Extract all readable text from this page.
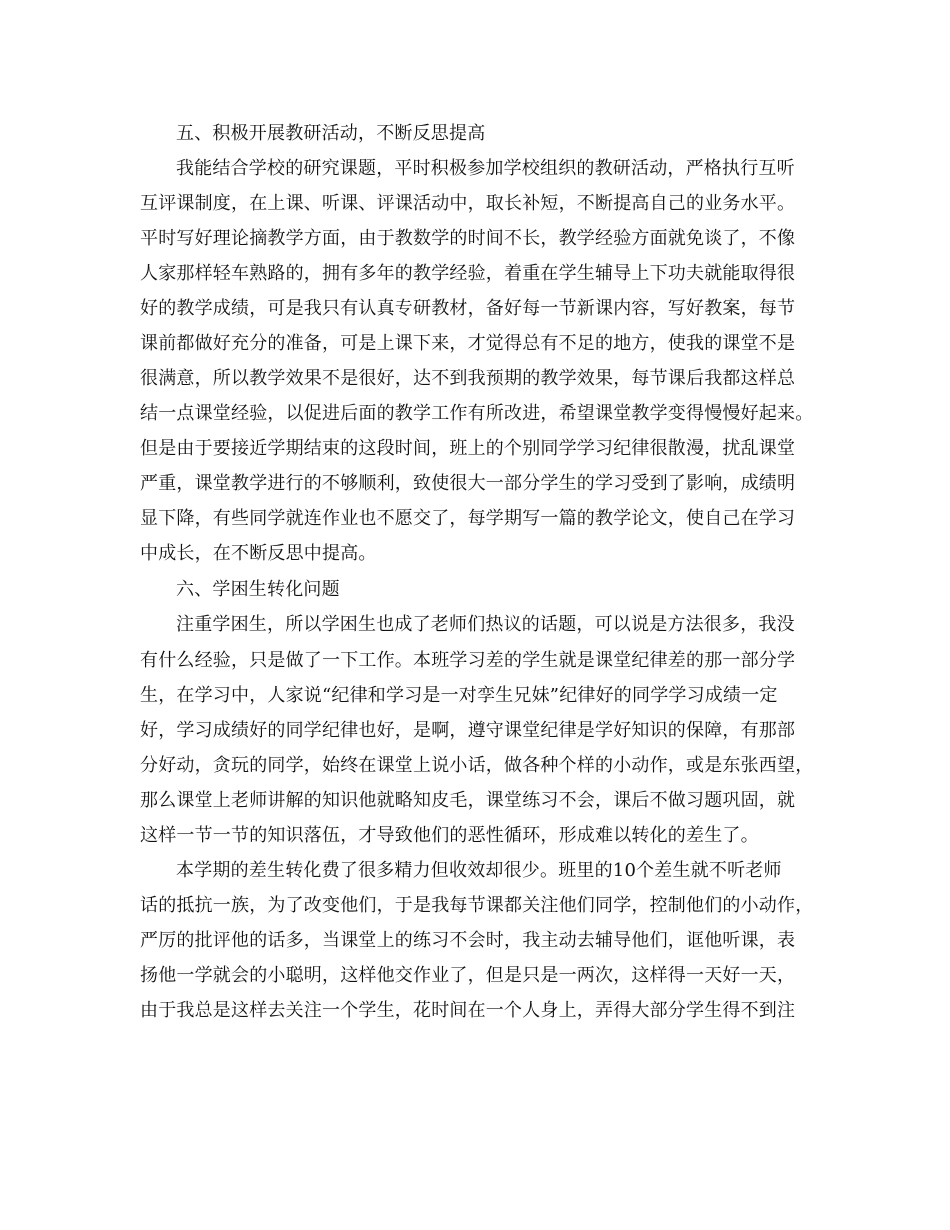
五、积极开展教研活动，不断反思提高
我能结合学校的研究课题，平时积极参加学校组织的教研活动，严格执行互听
互评课制度，在上课、听课、评课活动中，取长补短，不断提高自己的业务水平。
平时写好理论摘教学方面，由于教数学的时间不长，教学经验方面就免谈了，不像
人家那样轻车熟路的，拥有多年的教学经验，着重在学生辅导上下功夫就能取得很
好的教学成绩，可是我只有认真专研教材，备好每一节新课内容，写好教案，每节
课前都做好充分的准备，可是上课下来，才觉得总有不足的地方，使我的课堂不是
很满意，所以教学效果不是很好，达不到我预期的教学效果，每节课后我都这样总
结一点课堂经验，以促进后面的教学工作有所改进，希望课堂教学变得慢慢好起来。
但是由于要接近学期结束的这段时间，班上的个别同学学习纪律很散漫，扰乱课堂
严重，课堂教学进行的不够顺利，致使很大一部分学生的学习受到了影响，成绩明
显下降，有些同学就连作业也不愿交了，每学期写一篇的教学论文，使自己在学习
中成长，在不断反思中提高。
六、学困生转化问题
注重学困生，所以学困生也成了老师们热议的话题，可以说是方法很多，我没
有什么经验，只是做了一下工作。本班学习差的学生就是课堂纪律差的那一部分学
生，在学习中，人家说“纪律和学习是一对孪生兄妹”纪律好的同学学习成绩一定
好，学习成绩好的同学纪律也好，是啊，遵守课堂纪律是学好知识的保障，有那部
分好动，贪玩的同学，始终在课堂上说小话，做各种个样的小动作，或是东张西望，
那么课堂上老师讲解的知识他就略知皮毛，课堂练习不会，课后不做习题巩固，就
这样一节一节的知识落伍，才导致他们的恶性循环，形成难以转化的差生了。
本学期的差生转化费了很多精力但收效却很少。班里的10个差生就不听老师
话的抵抗一族，为了改变他们，于是我每节课都关注他们同学，控制他们的小动作，
严厉的批评他的话多，当课堂上的练习不会时，我主动去辅导他们，诓他听课，表
扬他一学就会的小聪明，这样他交作业了，但是只是一两次，这样得一天好一天，
由于我总是这样去关注一个学生，花时间在一个人身上，弄得大部分学生得不到注
